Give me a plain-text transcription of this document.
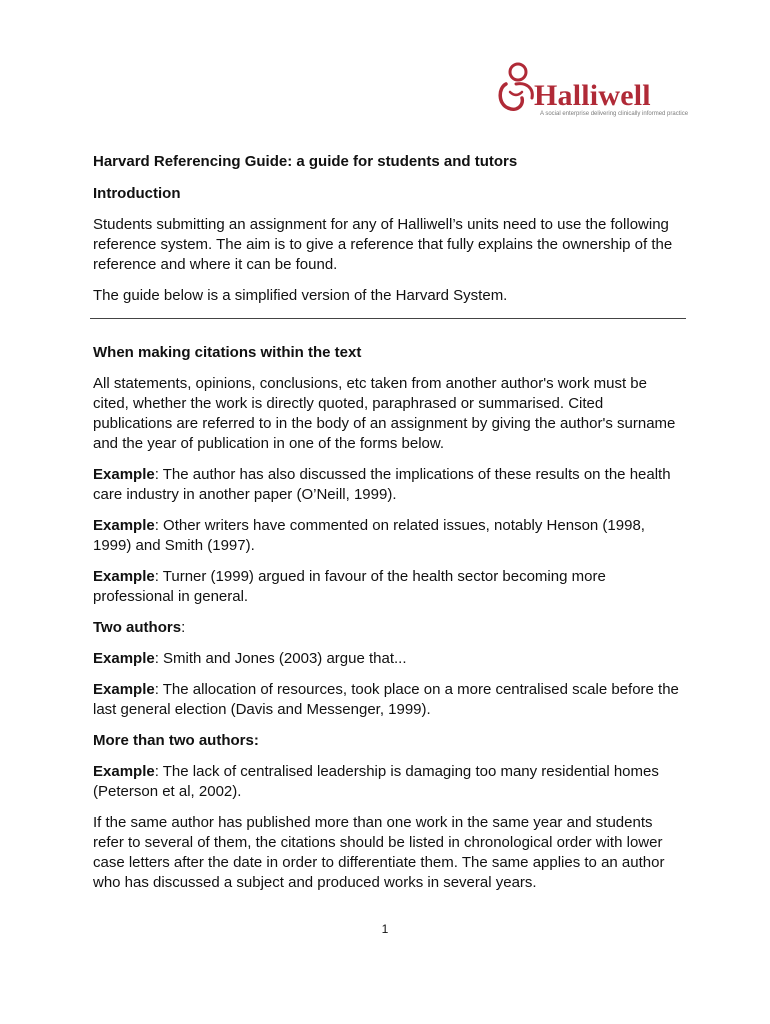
Halliwell
A social enterprise delivering clinically informed practice

Harvard Referencing Guide: a guide for students and tutors

Introduction

Students submitting an assignment for any of Halliwell’s units need to use the following reference system. The aim is to give a reference that fully explains the ownership of the reference and where it can be found.

The guide below is a simplified version of the Harvard System.

When making citations within the text

All statements, opinions, conclusions, etc taken from another author's work must be cited, whether the work is directly quoted, paraphrased or summarised. Cited publications are referred to in the body of an assignment by giving the author's surname and the year of publication in one of the forms below.

Example: The author has also discussed the implications of these results on the health care industry in another paper (O’Neill, 1999).

Example: Other writers have commented on related issues, notably Henson (1998, 1999) and Smith (1997).

Example: Turner (1999) argued in favour of the health sector becoming more professional in general.

Two authors:

Example: Smith and Jones (2003) argue that...

Example: The allocation of resources, took place on a more centralised scale before the last general election (Davis and Messenger, 1999).

More than two authors:

Example: The lack of centralised leadership is damaging too many residential homes (Peterson et al, 2002).

If the same author has published more than one work in the same year and students refer to several of them, the citations should be listed in chronological order with lower case letters after the date in order to differentiate them. The same applies to an author who has discussed a subject and produced works in several years.

1
